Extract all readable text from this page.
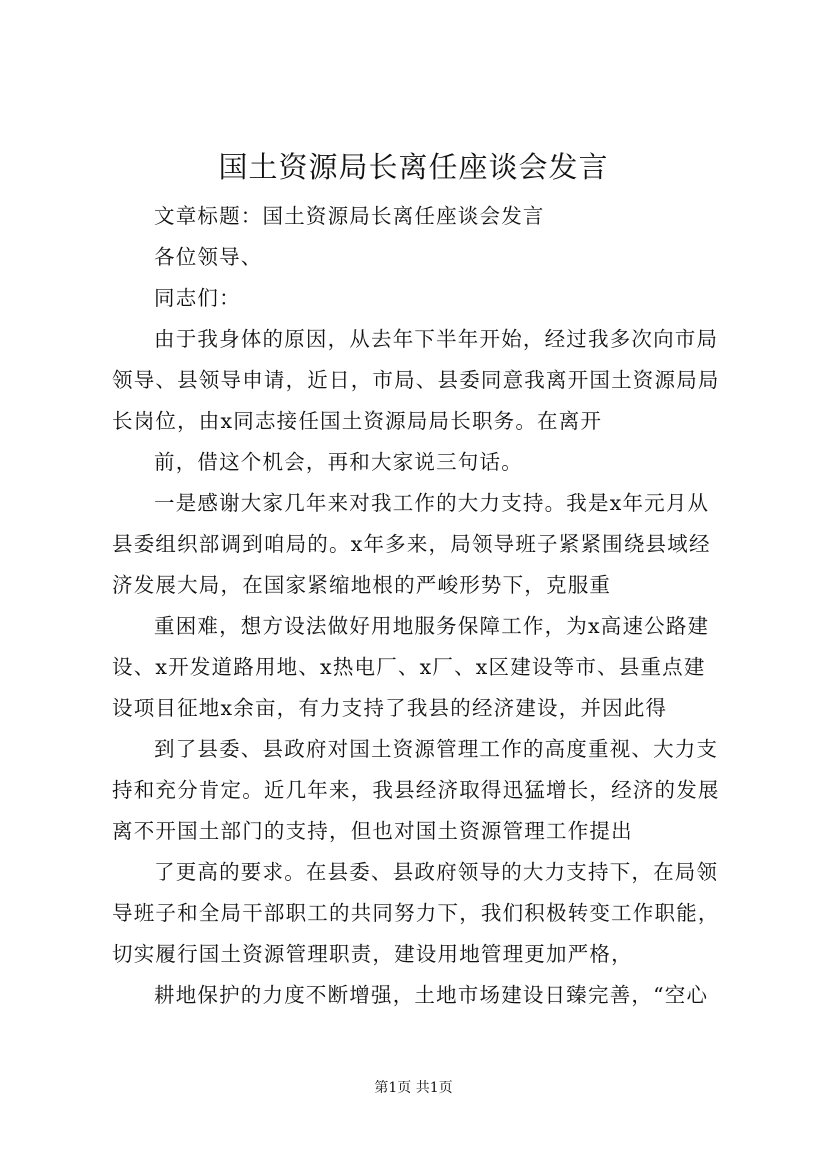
国土资源局长离任座谈会发言
文章标题：国土资源局长离任座谈会发言
各位领导、
同志们：
由于我身体的原因，从去年下半年开始，经过我多次向市局
领导、县领导申请，近日，市局、县委同意我离开国土资源局局
长岗位，由x同志接任国土资源局局长职务。在离开
前，借这个机会，再和大家说三句话。
一是感谢大家几年来对我工作的大力支持。我是x年元月从
县委组织部调到咱局的。x年多来，局领导班子紧紧围绕县域经
济发展大局，在国家紧缩地根的严峻形势下，克服重
重困难，想方设法做好用地服务保障工作，为x高速公路建
设、x开发道路用地、x热电厂、x厂、x区建设等市、县重点建
设项目征地x余亩，有力支持了我县的经济建设，并因此得
到了县委、县政府对国土资源管理工作的高度重视、大力支
持和充分肯定。近几年来，我县经济取得迅猛增长，经济的发展
离不开国土部门的支持，但也对国土资源管理工作提出
了更高的要求。在县委、县政府领导的大力支持下，在局领
导班子和全局干部职工的共同努力下，我们积极转变工作职能，
切实履行国土资源管理职责，建设用地管理更加严格，
耕地保护的力度不断增强，土地市场建设日臻完善，“空心
第1页 共1页
